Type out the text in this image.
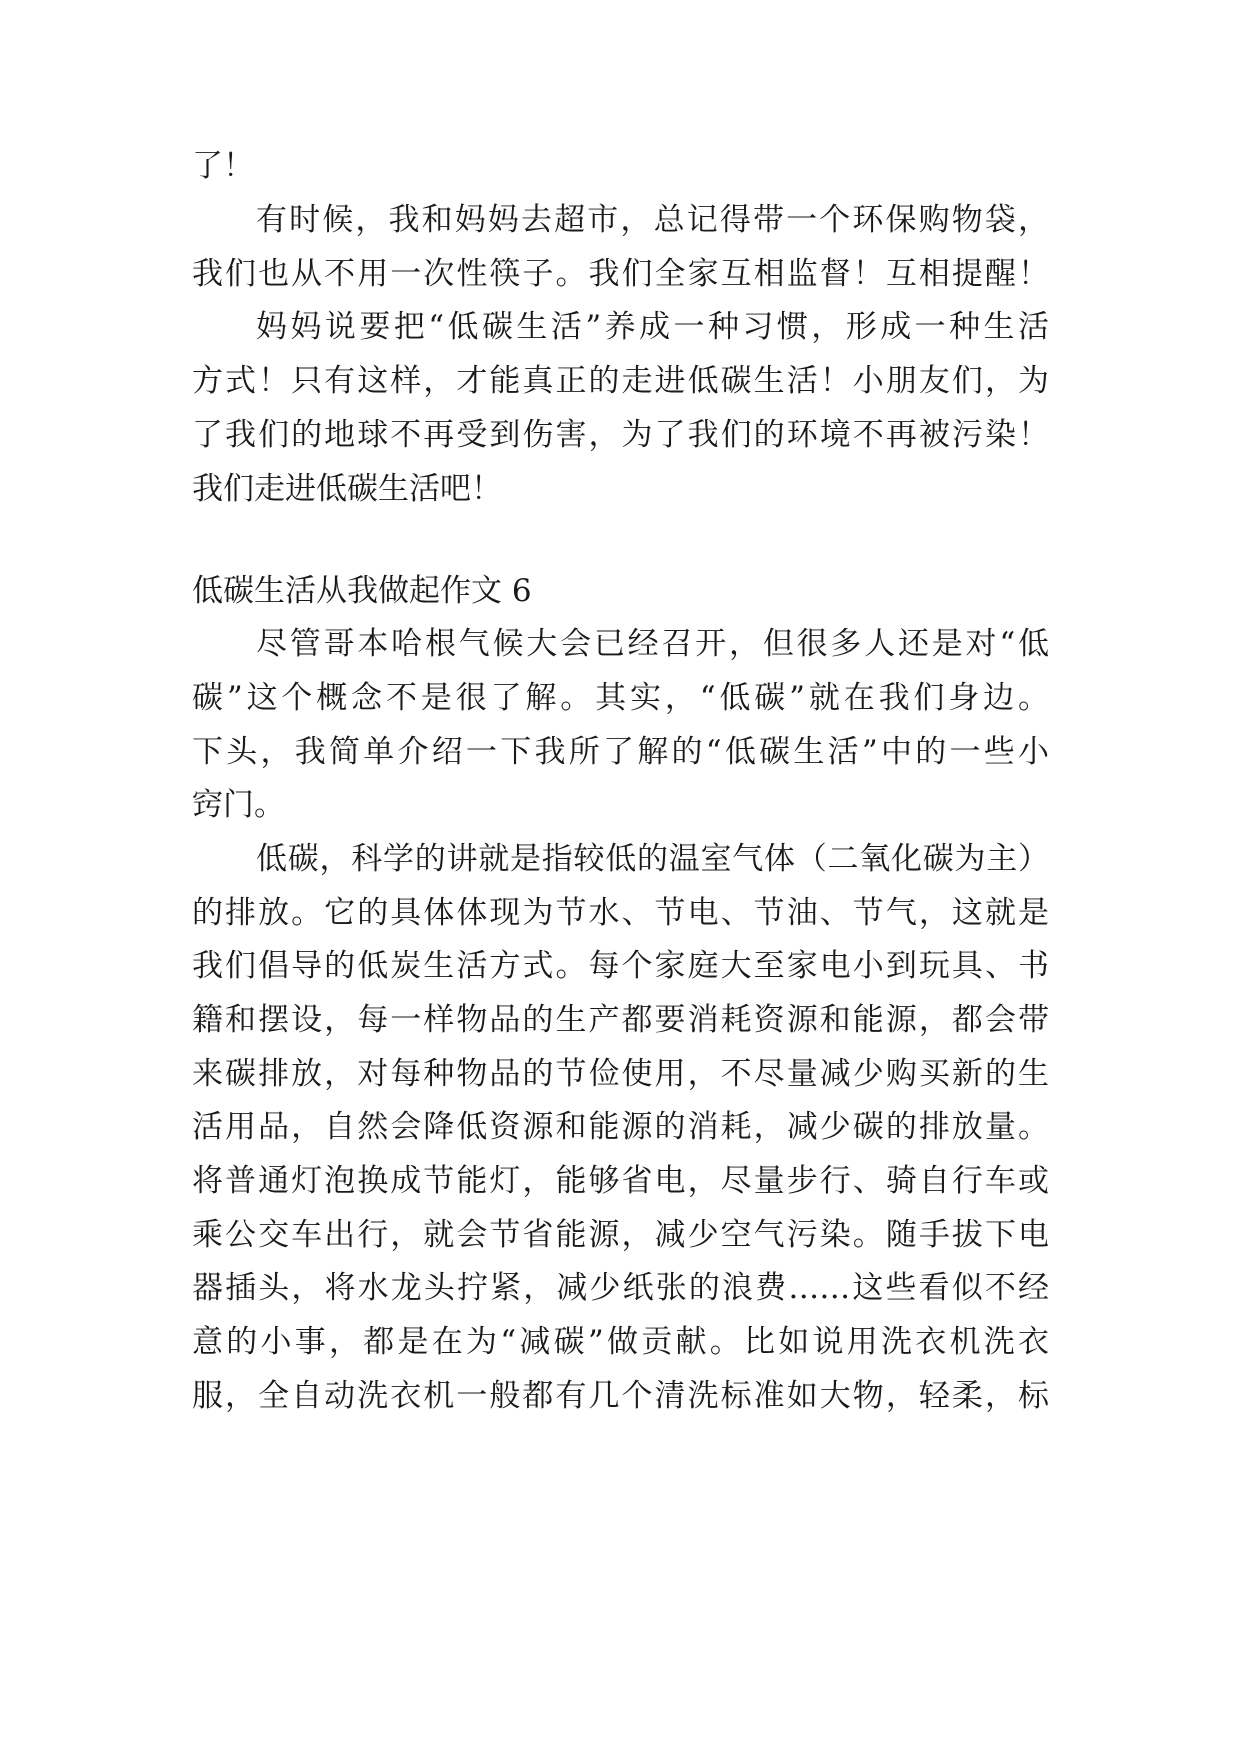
了！
有时候，我和妈妈去超市，总记得带一个环保购物袋，
我们也从不用一次性筷子。我们全家互相监督！互相提醒！
妈妈说要把“低碳生活”养成一种习惯，形成一种生活
方式！只有这样，才能真正的走进低碳生活！小朋友们，为
了我们的地球不再受到伤害，为了我们的环境不再被污染！
我们走进低碳生活吧！
低碳生活从我做起作文 6
尽管哥本哈根气候大会已经召开，但很多人还是对“低
碳”这个概念不是很了解。其实，“低碳”就在我们身边。
下头，我简单介绍一下我所了解的“低碳生活”中的一些小
窍门。
低碳，科学的讲就是指较低的温室气体（二氧化碳为主）
的排放。它的具体体现为节水、节电、节油、节气，这就是
我们倡导的低炭生活方式。每个家庭大至家电小到玩具、书
籍和摆设，每一样物品的生产都要消耗资源和能源，都会带
来碳排放，对每种物品的节俭使用，不尽量减少购买新的生
活用品，自然会降低资源和能源的消耗，减少碳的排放量。
将普通灯泡换成节能灯，能够省电，尽量步行、骑自行车或
乘公交车出行，就会节省能源，减少空气污染。随手拔下电
器插头，将水龙头拧紧，减少纸张的浪费……这些看似不经
意的小事，都是在为“减碳”做贡献。比如说用洗衣机洗衣
服，全自动洗衣机一般都有几个清洗标准如大物，轻柔，标
